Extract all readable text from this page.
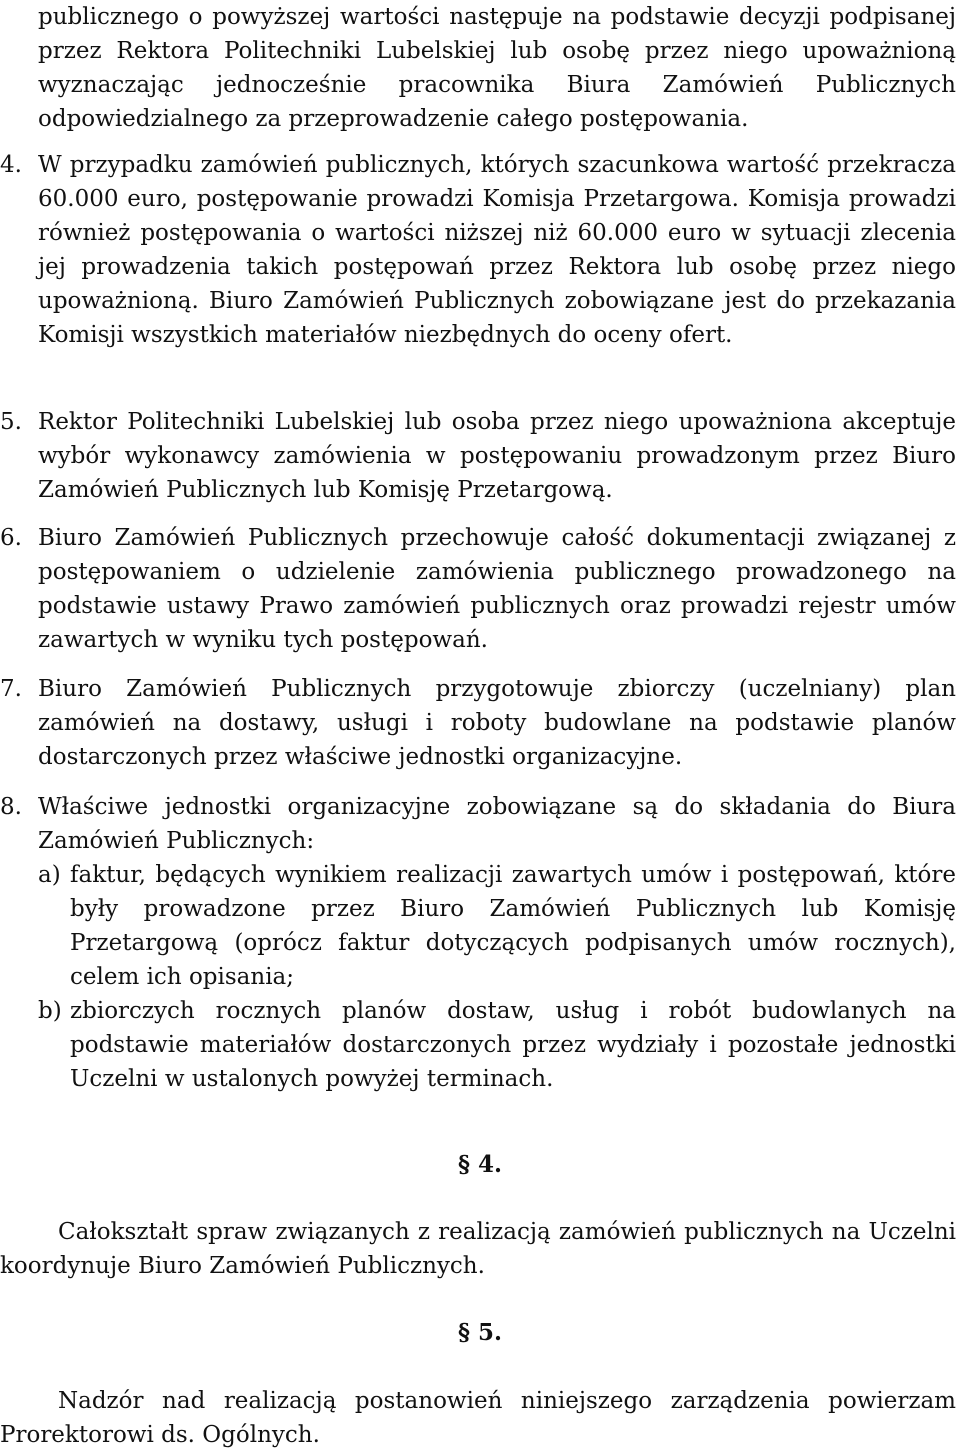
publicznego o powyższej wartości następuje na podstawie decyzji podpisanej przez Rektora Politechniki Lubelskiej lub osobę przez niego upoważnioną wyznaczając jednocześnie pracownika Biura Zamówień Publicznych odpowiedzialnego za przeprowadzenie całego postępowania.

4. W przypadku zamówień publicznych, których szacunkowa wartość przekracza 60.000 euro, postępowanie prowadzi Komisja Przetargowa. Komisja prowadzi również postępowania o wartości niższej niż 60.000 euro w sytuacji zlecenia jej prowadzenia takich postępowań przez Rektora lub osobę przez niego upoważnioną. Biuro Zamówień Publicznych zobowiązane jest do przekazania Komisji wszystkich materiałów niezbędnych do oceny ofert.
5. Rektor Politechniki Lubelskiej lub osoba przez niego upoważniona akceptuje wybór wykonawcy zamówienia w postępowaniu prowadzonym przez Biuro Zamówień Publicznych lub Komisję Przetargową.
6. Biuro Zamówień Publicznych przechowuje całość dokumentacji związanej z postępowaniem o udzielenie zamówienia publicznego prowadzonego na podstawie ustawy Prawo zamówień publicznych oraz prowadzi rejestr umów zawartych w wyniku tych postępowań.
7. Biuro Zamówień Publicznych przygotowuje zbiorczy (uczelniany) plan zamówień na dostawy, usługi i roboty budowlane na podstawie planów dostarczonych przez właściwe jednostki organizacyjne.
8. Właściwe jednostki organizacyjne zobowiązane są do składania do Biura Zamówień Publicznych:
a) faktur, będących wynikiem realizacji zawartych umów i postępowań, które były prowadzone przez Biuro Zamówień Publicznych lub Komisję Przetargową (oprócz faktur dotyczących podpisanych umów rocznych), celem ich opisania;
b) zbiorczych rocznych planów dostaw, usług i robót budowlanych na podstawie materiałów dostarczonych przez wydziały i pozostałe jednostki Uczelni w ustalonych powyżej terminach.

§ 4.

Całokształt spraw związanych z realizacją zamówień publicznych na Uczelni koordynuje Biuro Zamówień Publicznych.

§ 5.

Nadzór nad realizacją postanowień niniejszego zarządzenia powierzam Prorektorowi ds. Ogólnych.
